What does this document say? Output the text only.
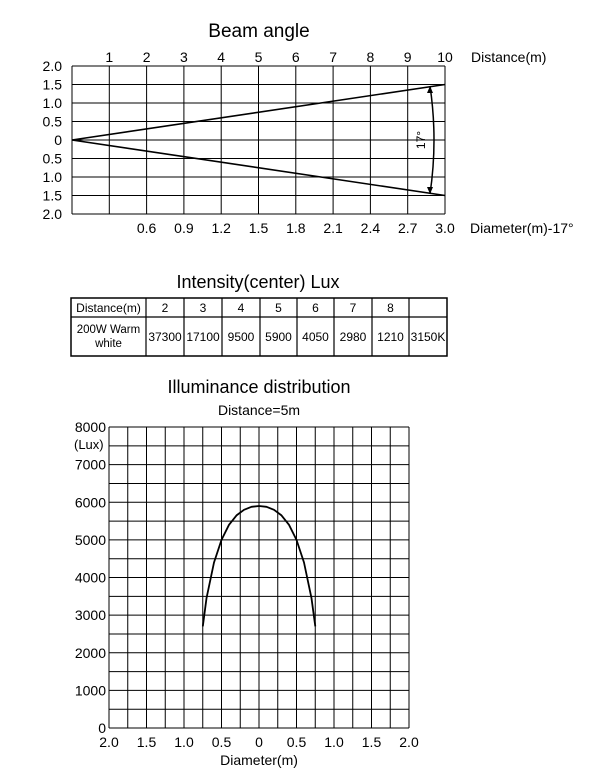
Beam angle
1 2 3 4 5 6 7 8 9 10 Distance(m)
2.0
1.5
1.0
0.5
0
0.5
1.0
1.5
2.0
0.6 0.9 1.2 1.5 1.8 2.1 2.4 2.7 3.0 Diameter(m)-17°
17°
Intensity(center) Lux
Distance(m) 2	3	4	5	6	7	8
200W Warm white	37300 17100 9500 5900 4050 2980 1210 3150K
Illuminance distribution
Distance=5m
8000
7000
6000
5000
4000
3000
2000
1000
0
(Lux)
2.0 1.5 1.0 0.5 0 0.5 1.0 1.5 2.0
Diameter(m)
